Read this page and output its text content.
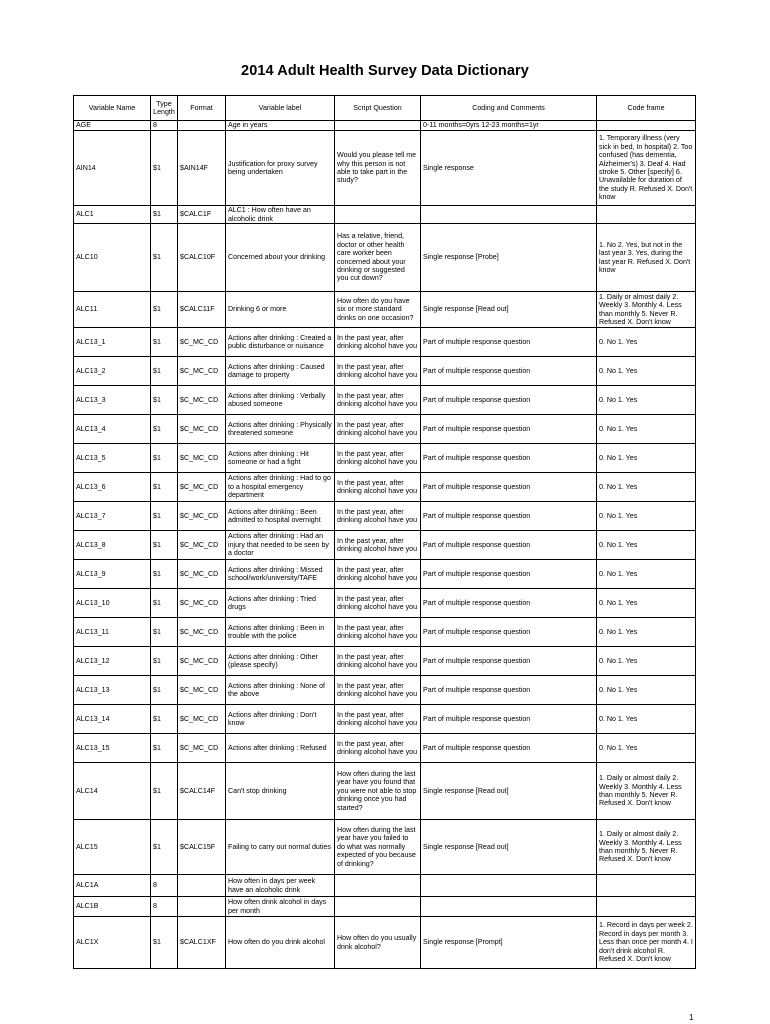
2014 Adult Health Survey Data Dictionary
Variable Name	Type Length	Format	Variable label	Script Question	Coding and Comments	Code frame
AGE	8		Age in years		0-11 months=0yrs 12-23 months=1yr	
AIN14	$1	$AIN14F	Justification for proxy survey being undertaken	Would you please tell me why this person is not able to take part in the study?	Single response	1. Temporary illness (very sick in bed, In hospital) 2. Too confused (has dementia, Alzheimer's) 3. Deaf 4. Had stroke 5. Other [specify] 6. Unavailable for duration of the study R. Refused X. Don't know
ALC1	$1	$CALC1F	ALC1 : How often have an alcoholic drink			
ALC10	$1	$CALC10F	Concerned about your drinking	Has a relative, friend, doctor or other health care worker been concerned about your drinking or suggested you cut down?	Single response [Probe]	1. No 2. Yes, but not in the last year 3. Yes, during the last year R. Refused X. Don't know
ALC11	$1	$CALC11F	Drinking 6 or more	How often do you have six or more standard drinks on one occasion?	Single response [Read out]	1. Daily or almost daily 2. Weekly 3. Monthly 4. Less than monthly 5. Never R. Refused X. Don't know
ALC13_1	$1	$C_MC_CD	Actions after drinking : Created a public disturbance or nuisance	In the past year, after drinking alcohol have you	Part of multiple response question	0. No 1. Yes
ALC13_2	$1	$C_MC_CD	Actions after drinking : Caused damage to property	In the past year, after drinking alcohol have you	Part of multiple response question	0. No 1. Yes
ALC13_3	$1	$C_MC_CD	Actions after drinking : Verbally abused someone	In the past year, after drinking alcohol have you	Part of multiple response question	0. No 1. Yes
ALC13_4	$1	$C_MC_CD	Actions after drinking : Physically threatened someone	In the past year, after drinking alcohol have you	Part of multiple response question	0. No 1. Yes
ALC13_5	$1	$C_MC_CD	Actions after drinking : Hit someone or had a fight	In the past year, after drinking alcohol have you	Part of multiple response question	0. No 1. Yes
ALC13_6	$1	$C_MC_CD	Actions after drinking : Had to go to a hospital emergency department	In the past year, after drinking alcohol have you	Part of multiple response question	0. No 1. Yes
ALC13_7	$1	$C_MC_CD	Actions after drinking : Been admitted to hospital overnight	In the past year, after drinking alcohol have you	Part of multiple response question	0. No 1. Yes
ALC13_8	$1	$C_MC_CD	Actions after drinking : Had an injury that needed to be seen by a doctor	In the past year, after drinking alcohol have you	Part of multiple response question	0. No 1. Yes
ALC13_9	$1	$C_MC_CD	Actions after drinking : Missed school/work/university/TAFE	In the past year, after drinking alcohol have you	Part of multiple response question	0. No 1. Yes
ALC13_10	$1	$C_MC_CD	Actions after drinking : Tried drugs	In the past year, after drinking alcohol have you	Part of multiple response question	0. No 1. Yes
ALC13_11	$1	$C_MC_CD	Actions after drinking : Been in trouble with the police	In the past year, after drinking alcohol have you	Part of multiple response question	0. No 1. Yes
ALC13_12	$1	$C_MC_CD	Actions after drinking : Other (please specify)	In the past year, after drinking alcohol have you	Part of multiple response question	0. No 1. Yes
ALC13_13	$1	$C_MC_CD	Actions after drinking : None of the above	In the past year, after drinking alcohol have you	Part of multiple response question	0. No 1. Yes
ALC13_14	$1	$C_MC_CD	Actions after drinking : Don't know	In the past year, after drinking alcohol have you	Part of multiple response question	0. No 1. Yes
ALC13_15	$1	$C_MC_CD	Actions after drinking : Refused	In the past year, after drinking alcohol have you	Part of multiple response question	0. No 1. Yes
ALC14	$1	$CALC14F	Can't stop drinking	How often during the last year have you found that you were not able to stop drinking once you had started?	Single response [Read out]	1. Daily or almost daily 2. Weekly 3. Monthly 4. Less than monthly 5. Never R. Refused X. Don't know
ALC15	$1	$CALC15F	Failing to carry out normal duties	How often during the last year have you failed to do what was normally expected of you because of drinking?	Single response [Read out]	1. Daily or almost daily 2. Weekly 3. Monthly 4. Less than monthly 5. Never R. Refused X. Don't know
ALC1A	8		How often in days per week have an alcoholic drink			
ALC1B	8		How often drink alcohol in days per month			
ALC1X	$1	$CALC1XF	How often do you drink alcohol	How often do you usually drink alcohol?	Single response [Prompt]	1. Record in days per week 2. Record in days per month 3. Less than once per month 4. I don't drink alcohol R. Refused X. Don't know
1
